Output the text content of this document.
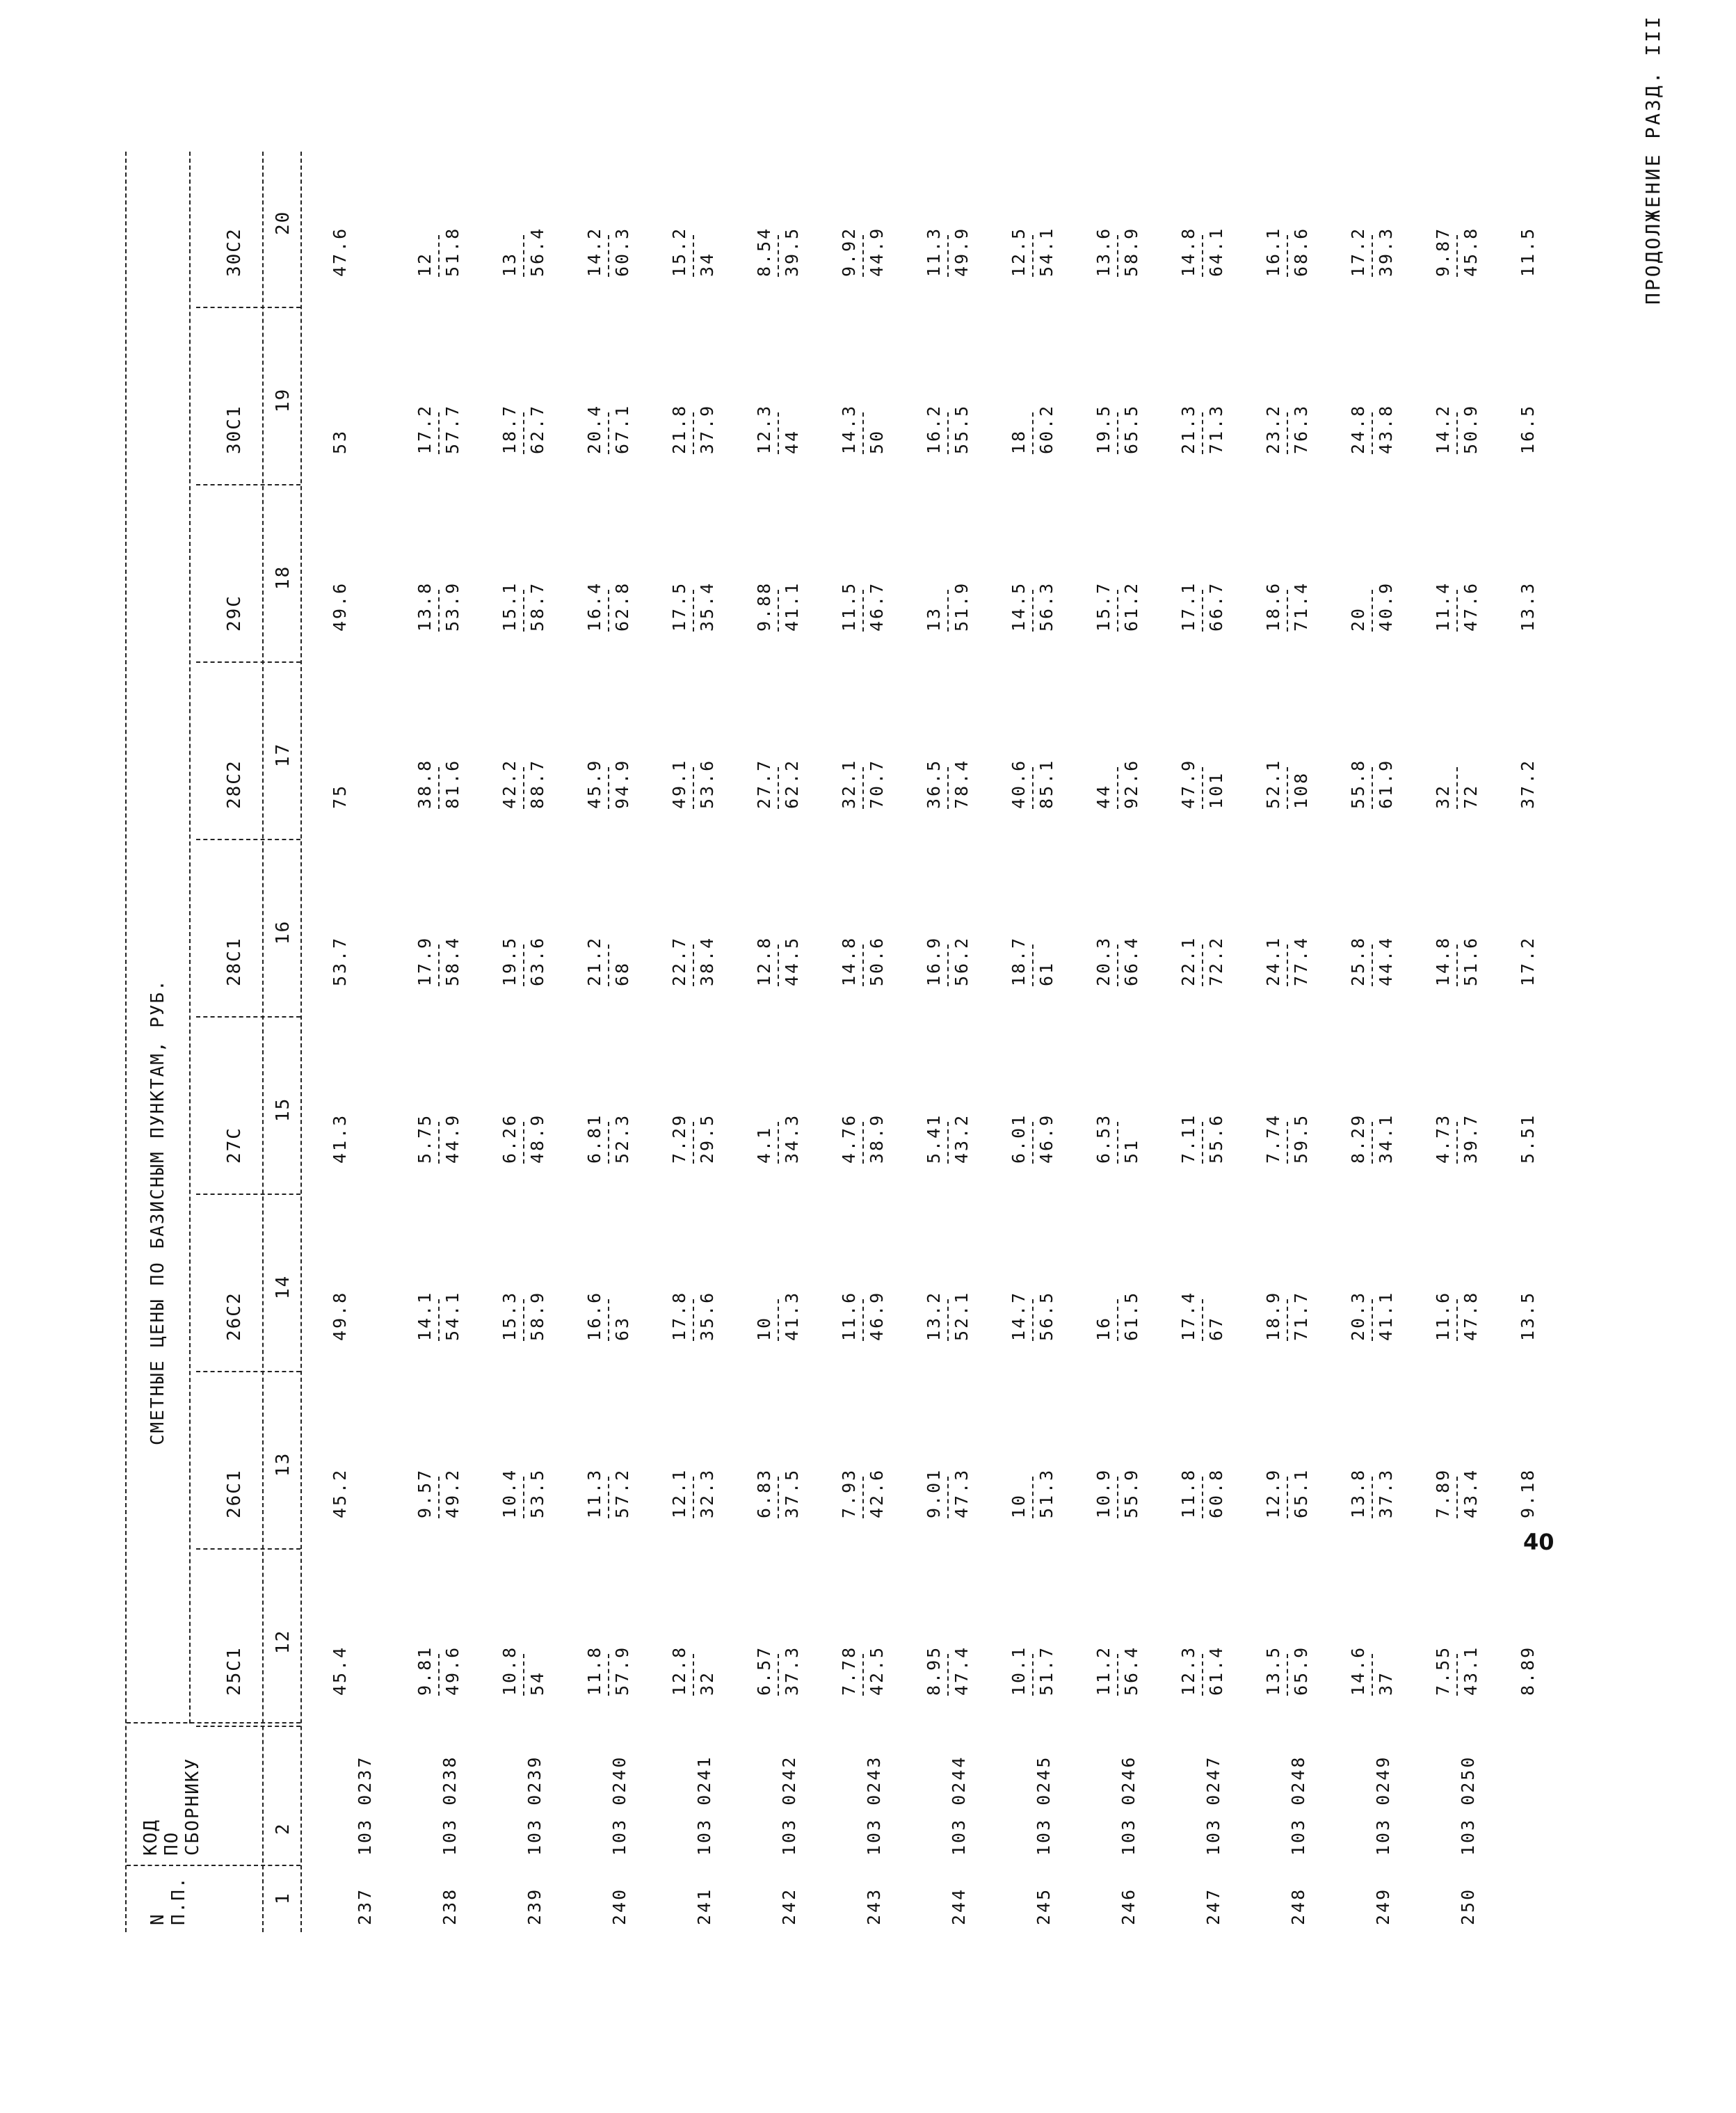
ПРОДОЛЖЕНИЕ РАЗД. III
40
N П.П.
КОД ПО СБОРНИКУ
СМЕТНЫЕ ЦЕНЫ ПО БАЗИСНЫМ ПУНКТАМ, РУБ.
25С1
26С1
26С2
27С
28С1
28С2
29С
30С1
30С2
1
2
12
13
14
15
16
17
18
19
20
237
103 0237
45.4
45.2
49.8
41.3
53.7
75
49.6
53
47.6
238
103 0238
9.81 49.6
9.57 49.2
14.1 54.1
5.75 44.9
17.9 58.4
38.8 81.6
13.8 53.9
17.2 57.7
12 51.8
239
103 0239
10.8 54
10.4 53.5
15.3 58.9
6.26 48.9
19.5 63.6
42.2 88.7
15.1 58.7
18.7 62.7
13 56.4
240
103 0240
11.8 57.9
11.3 57.2
16.6 63
6.81 52.3
21.2 68
45.9 94.9
16.4 62.8
20.4 67.1
14.2 60.3
241
103 0241
12.8 32
12.1 32.3
17.8 35.6
7.29 29.5
22.7 38.4
49.1 53.6
17.5 35.4
21.8 37.9
15.2 34
242
103 0242
6.57 37.3
6.83 37.5
10 41.3
4.1 34.3
12.8 44.5
27.7 62.2
9.88 41.1
12.3 44
8.54 39.5
243
103 0243
7.78 42.5
7.93 42.6
11.6 46.9
4.76 38.9
14.8 50.6
32.1 70.7
11.5 46.7
14.3 50
9.92 44.9
244
103 0244
8.95 47.4
9.01 47.3
13.2 52.1
5.41 43.2
16.9 56.2
36.5 78.4
13 51.9
16.2 55.5
11.3 49.9
245
103 0245
10.1 51.7
10 51.3
14.7 56.5
6.01 46.9
18.7 61
40.6 85.1
14.5 56.3
18 60.2
12.5 54.1
246
103 0246
11.2 56.4
10.9 55.9
16 61.5
6.53 51
20.3 66.4
44 92.6
15.7 61.2
19.5 65.5
13.6 58.9
247
103 0247
12.3 61.4
11.8 60.8
17.4 67
7.11 55.6
22.1 72.2
47.9 101
17.1 66.7
21.3 71.3
14.8 64.1
248
103 0248
13.5 65.9
12.9 65.1
18.9 71.7
7.74 59.5
24.1 77.4
52.1 108
18.6 71.4
23.2 76.3
16.1 68.6
249
103 0249
14.6 37
13.8 37.3
20.3 41.1
8.29 34.1
25.8 44.4
55.8 61.9
20 40.9
24.8 43.8
17.2 39.3
250
103 0250
7.55 43.1
7.89 43.4
11.6 47.8
4.73 39.7
14.8 51.6
32 72
11.4 47.6
14.2 50.9
9.87 45.8
8.89
9.18
13.5
5.51
17.2
37.2
13.3
16.5
11.5
